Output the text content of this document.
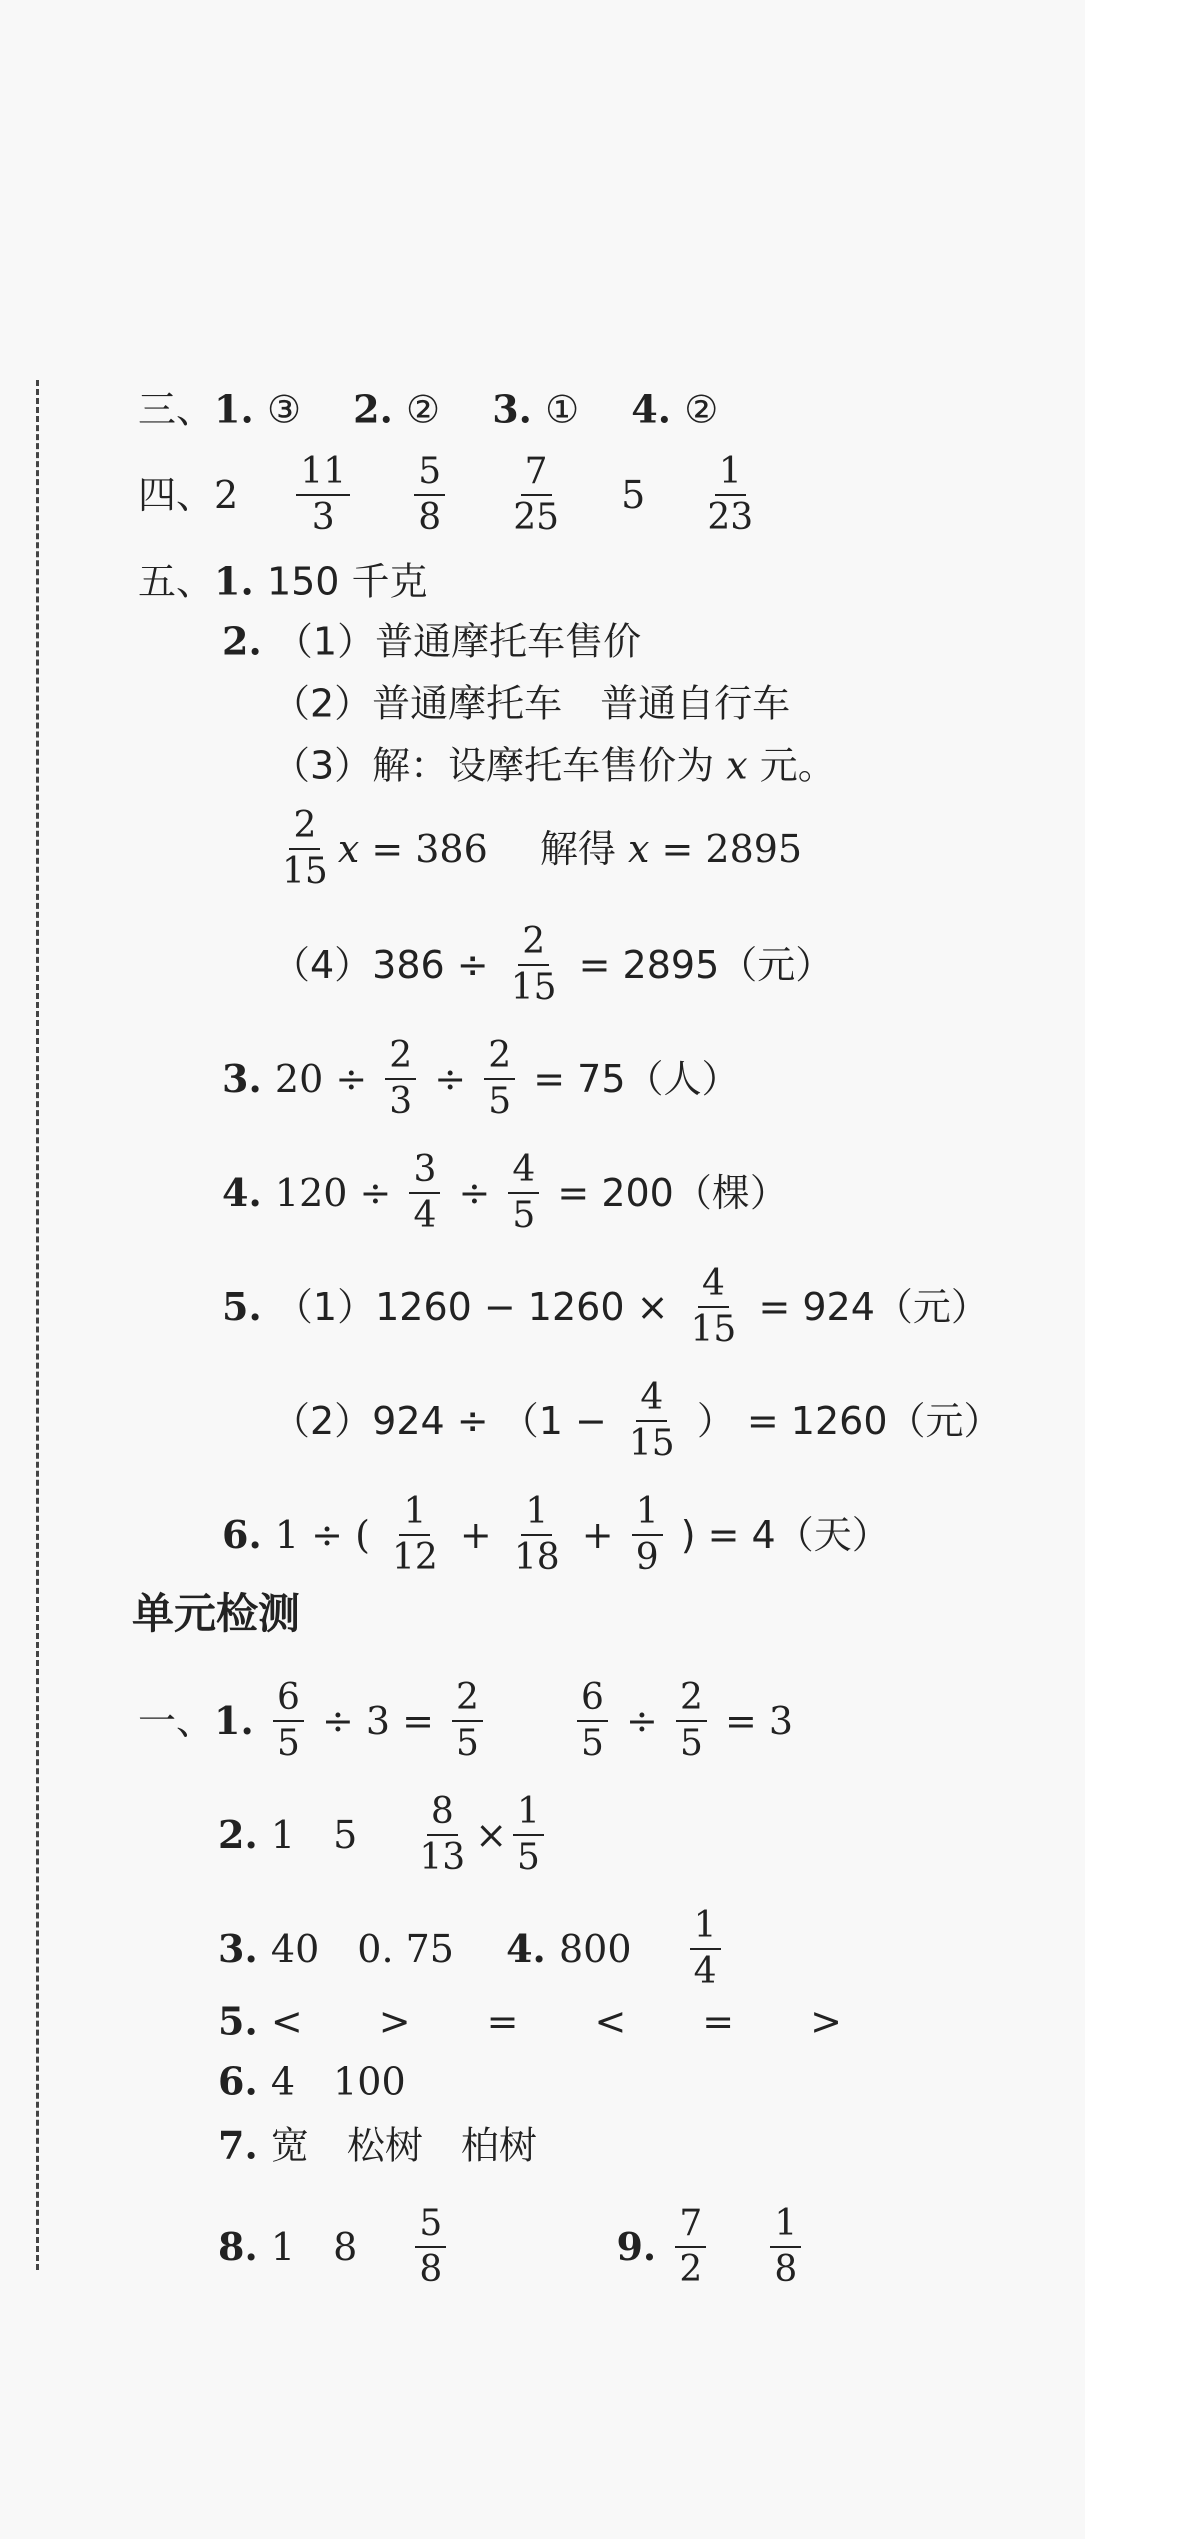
三、1. ③ 2. ② 3. ① 4. ②
四、$2 \frac{11}{3}$
$\frac{5}{8}$
$\frac{7}{25} 5 \frac{1}{23}$
五、1. 150 千克
2. （1）普通摩托车售价
（2）普通摩托车　普通自行车
（3）解：设摩托车售价为 x 元。
$\frac{2}{15}$ x = 386 解得 x = 2895
$(4)386 \div \frac{2}{15} = 2895$（元）
3. $20 \div \frac{2}{3} \div \frac{2}{5} = 75$（人）
4. $120 \div \frac{3}{4} \div \frac{4}{5} = 200$（棵）
5. $(1)1260 - 1260 \times \frac{4}{15} = 924$（元）
$(2)924 \div (1 - \frac{4}{15}$ ） = 1260（元）
6. 1 ÷ ( $\frac{1}{12} + \frac{1}{18} + \frac{1}{9}$ ) = 4（天）
单元检测
一、1. $\frac{6}{5} \div 3 = \frac{2}{5}$
	$\frac{6}{5} \div \frac{2}{5} = 3$
2. 1　$5 \frac{8}{13} \times \frac{1}{5}$
3. 40　0. 75 4. $800 \frac{1}{4}$
5. <　　>　　=　　<　　=　　>
6. 4　100
7. 宽　松树　柏树
8. 1　$8 \frac{5}{8}$	9. $\frac{7}{2}$
$\frac{1}{8}$
